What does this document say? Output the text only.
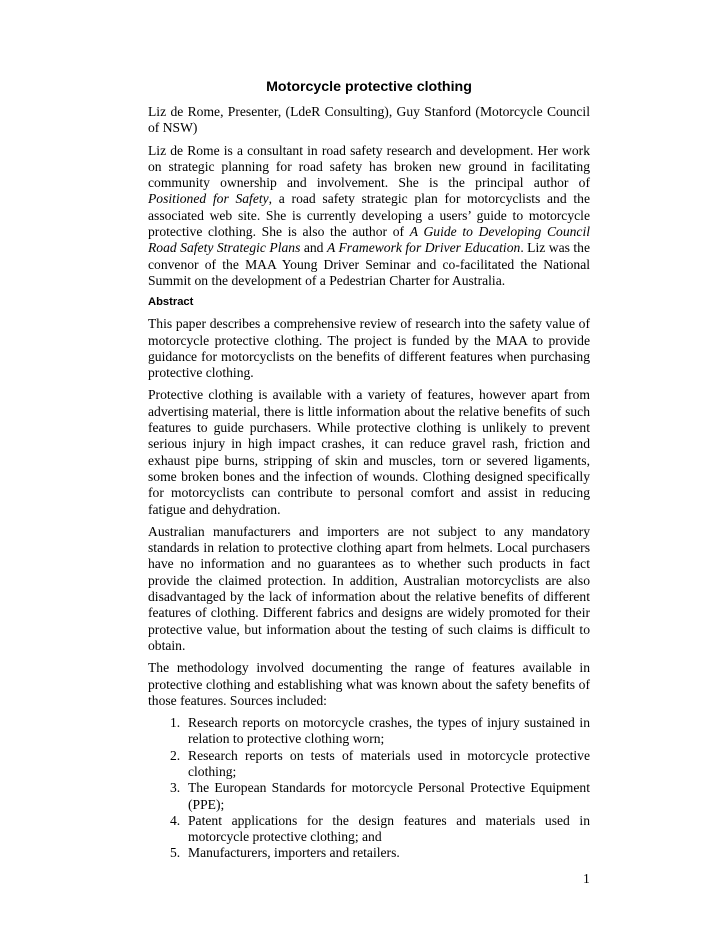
Motorcycle protective clothing

Liz de Rome, Presenter, (LdeR Consulting), Guy Stanford (Motorcycle Council of NSW)

Liz de Rome is a consultant in road safety research and development. Her work on strategic planning for road safety has broken new ground in facilitating community ownership and involvement. She is the principal author of Positioned for Safety, a road safety strategic plan for motorcyclists and the associated web site. She is currently developing a users’ guide to motorcycle protective clothing. She is also the author of A Guide to Developing Council Road Safety Strategic Plans and A Framework for Driver Education. Liz was the convenor of the MAA Young Driver Seminar and co-facilitated the National Summit on the development of a Pedestrian Charter for Australia.

Abstract

This paper describes a comprehensive review of research into the safety value of motorcycle protective clothing. The project is funded by the MAA to provide guidance for motorcyclists on the benefits of different features when purchasing protective clothing.

Protective clothing is available with a variety of features, however apart from advertising material, there is little information about the relative benefits of such features to guide purchasers. While protective clothing is unlikely to prevent serious injury in high impact crashes, it can reduce gravel rash, friction and exhaust pipe burns, stripping of skin and muscles, torn or severed ligaments, some broken bones and the infection of wounds. Clothing designed specifically for motorcyclists can contribute to personal comfort and assist in reducing fatigue and dehydration.

Australian manufacturers and importers are not subject to any mandatory standards in relation to protective clothing apart from helmets. Local purchasers have no information and no guarantees as to whether such products in fact provide the claimed protection. In addition, Australian motorcyclists are also disadvantaged by the lack of information about the relative benefits of different features of clothing. Different fabrics and designs are widely promoted for their protective value, but information about the testing of such claims is difficult to obtain.

The methodology involved documenting the range of features available in protective clothing and establishing what was known about the safety benefits of those features. Sources included:

1. Research reports on motorcycle crashes, the types of injury sustained in relation to protective clothing worn;
2. Research reports on tests of materials used in motorcycle protective clothing;
3. The European Standards for motorcycle Personal Protective Equipment (PPE);
4. Patent applications for the design features and materials used in motorcycle protective clothing; and
5. Manufacturers, importers and retailers.
1
